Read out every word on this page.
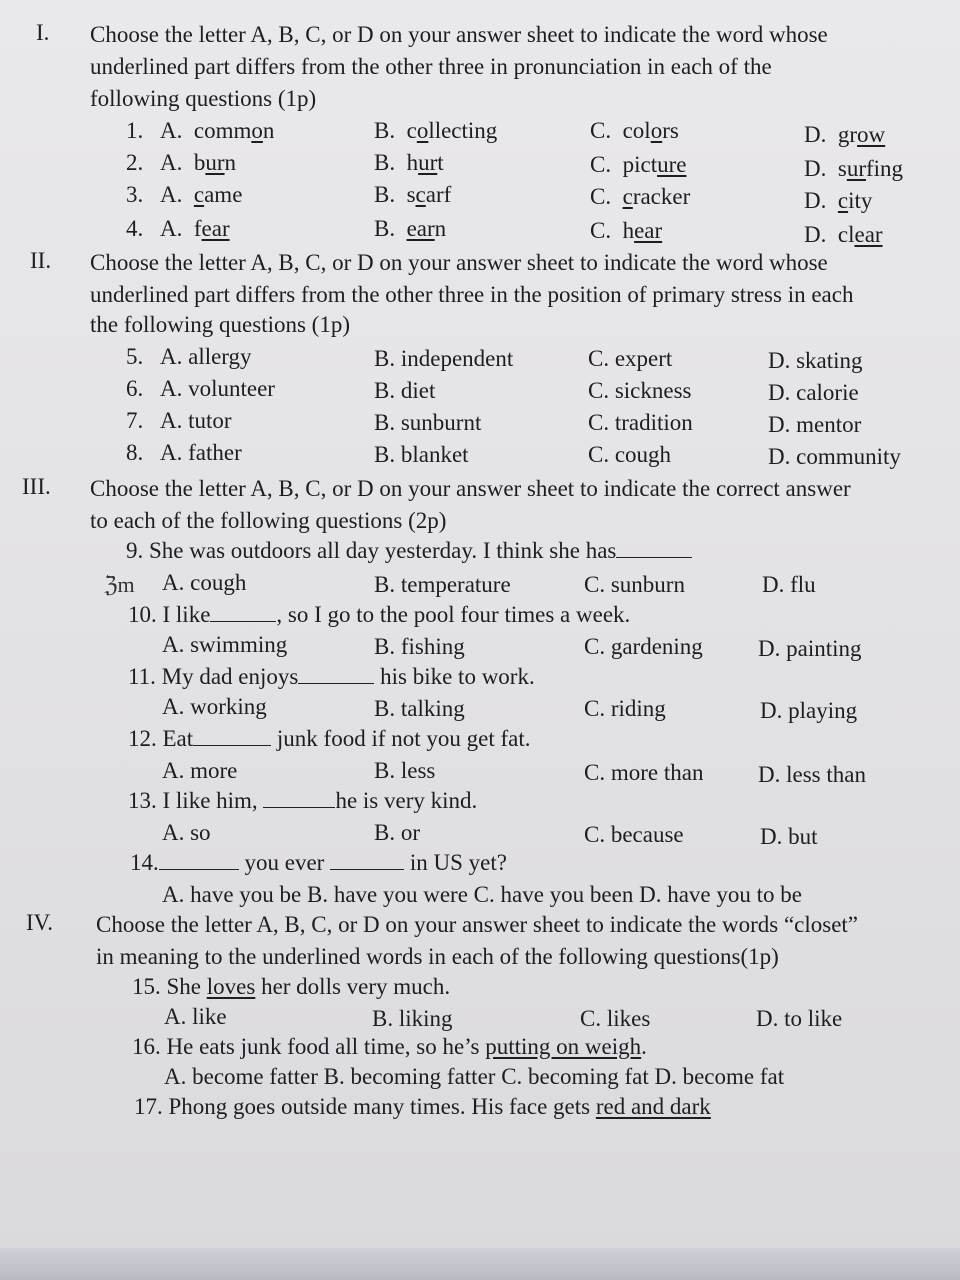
I. Choose the letter A, B, C, or D on your answer sheet to indicate the word whose
underlined part differs from the other three in pronunciation in each of the
following questions (1p)
1. A. common	B. collecting	C. colors	D. grow
2. A. burn	B. hurt	C. picture	D. surfing
3. A. came	B. scarf	C. cracker	D. city
4. A. fear	B. earn	C. hear	D. clear
II. Choose the letter A, B, C, or D on your answer sheet to indicate the word whose
underlined part differs from the other three in the position of primary stress in each
the following questions (1p)
5. A. allergy	B. independent	C. expert	D. skating
6. A. volunteer	B. diet	C. sickness	D. calorie
7. A. tutor	B. sunburnt	C. tradition	D. mentor
8. A. father	B. blanket	C. cough	D. community
III. Choose the letter A, B, C, or D on your answer sheet to indicate the correct answer
to each of the following questions (2p)
9. She was outdoors all day yesterday. I think she has
ℨm A. cough	B. temperature	C. sunburn	D. flu
10. I like	, so I go to the pool four times a week.
A. swimming	B. fishing	C. gardening D. painting
11. My dad enjoys	his bike to work.
A. working	B. talking	C. riding	D. playing
12. Eat	junk food if not you get fat.
A. more	B. less	C. more than D. less than
13. I like him,	he is very kind.
A. so	B. or	C. because	D. but
14.	you ever	in US yet?
A. have you be B. have you were C. have you been D. have you to be
IV. Choose the letter A, B, C, or D on your answer sheet to indicate the words “closet”
in meaning to the underlined words in each of the following questions(1p)
15. She loves her dolls very much.
A. like	B. liking	C. likes	D. to like
16. He eats junk food all time, so he’s putting on weigh.
A. become fatter B. becoming fatter C. becoming fat D. become fat
17. Phong goes outside many times. His face gets red and dark
